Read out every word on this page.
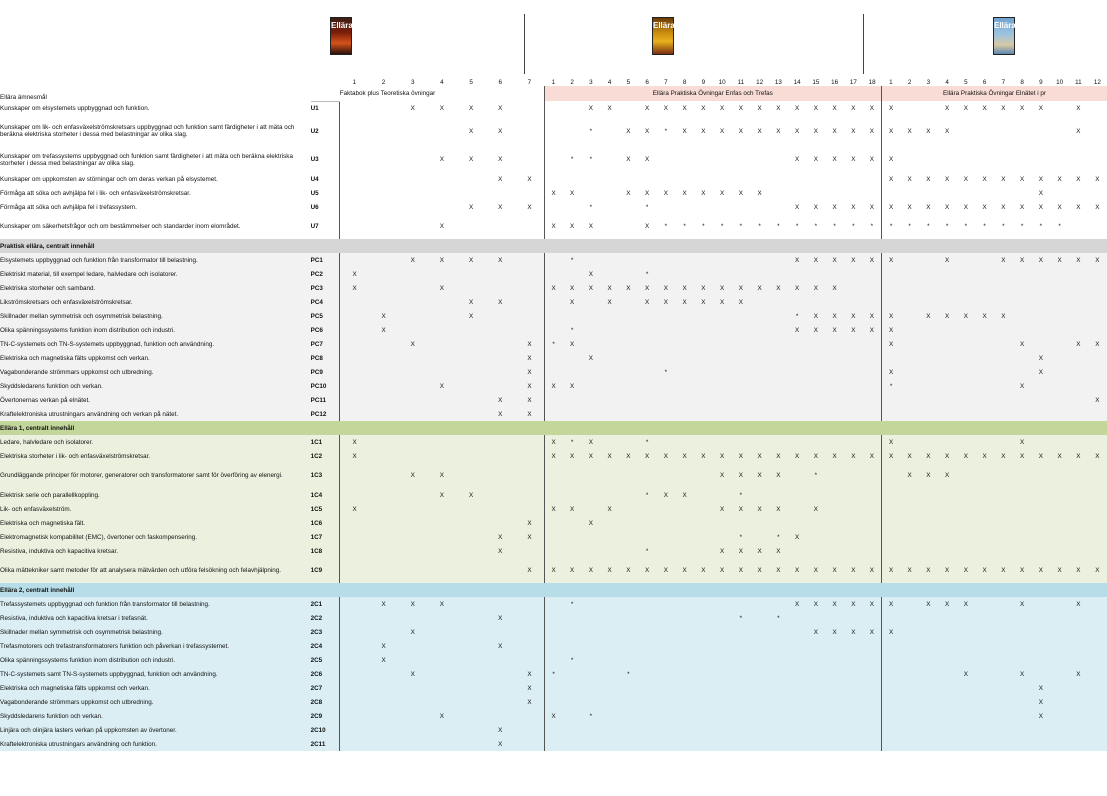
Ellära	Ellära	Ellära

		1	2	3	4	5	6	7		1	2	3	4	5	6	7	8	9	10	11	12	13	14	15	16	17	18	1	2	3	4	5	6	7	8	9	10	11	12
Ellära ämnesmål		Faktabok plus Teoretiska övningar							Ellära Praktiska Övningar Enfas och Trefas																		Ellära Praktiska Övningar Elnätet i pr											
Kunskaper om elsystemets uppbyggnad och funktion.	U1			X	X	X	X					X	X		X	X	X	X	X	X	X	X	X	X	X	X	X	X			X	X	X	X	X	X		X	
Kunskaper om lik- och enfasväxelströmskretsars uppbyggnad och funktion samt färdigheter i att mäta och beräkna elektriska storheter i dessa med belastningar av olika slag.	U2					X	X					*		X	X	*	X	X	X	X	X	X	X	X	X	X	X	X	X	X	X							X	
Kunskaper om trefassystems uppbyggnad och funktion samt färdigheter i att mäta och beräkna elektriska storheter i dessa med belastningar av olika slag.	U3				X	X	X				*	*		X	X								X	X	X	X	X	X											
Kunskaper om uppkomsten av störningar och om deras verkan på elsystemet.	U4						X	X																				X	X	X	X	X	X	X	X	X	X	X	X
Förmåga att söka och avhjälpa fel i lik- och enfasväxelströmskretsar.	U5									X	X			X	X	X	X	X	X	X	X															X			
Förmåga att söka och avhjälpa fel i trefassystem.	U6					X	X	X				*			*								X	X	X	X	X	X	X	X	X	X	X	X	X	X	X	X	X
Kunskaper om säkerhetsfrågor och om bestämmelser och standarder inom elområdet.	U7				X					X	X	X			X	*	*	*	*	*	*	*	*	*	*	*	*	*	*	*	*	*	*	*	*	*	*		
Praktisk ellära, centralt innehåll																																						
Elsystemets uppbyggnad och funktion från transformator till belastning.	PC1			X	X	X	X				*												X	X	X	X	X	X			X			X	X	X	X	X	X
Elektriskt material, till exempel ledare, halvledare och isolatorer.	PC2	X										X			*																								
Elektriska storheter och samband.	PC3	X			X					X	X	X	X	X	X	X	X	X	X	X	X	X	X	X	X														
Likströmskretsars och enfasväxelströmskretsar.	PC4					X	X				X		X		X	X	X	X	X	X																			
Skillnader mellan symmetrisk och osymmetrisk belastning.	PC5		X			X																	*	X	X	X	X	X		X	X	X	X	X					
Olika spänningssystems funktion inom distribution och industri.	PC6		X								*												X	X	X	X	X	X											
TN-C-systemets och TN-S-systemets uppbyggnad, funktion och användning.	PC7			X				X		*	X																	X							X			X	X
Elektriska och magnetiska fälts uppkomst och verkan.	PC8							X				X																								X			
Vagabonderande strömmars uppkomst och utbredning.	PC9							X								*												X								X			
Skyddsledarens funktion och verkan.	PC10				X			X		X	X																	*							X				
Övertonernas verkan på elnätet.	PC11						X	X																															X
Kraftelektroniska utrustningars användning och verkan på nätet.	PC12						X	X																															
Ellära 1, centralt innehåll																																						
Ledare, halvledare och isolatorer.	1C1	X								X	*	X			*													X							X				
Elektriska storheter i lik- och enfasväxelströmskretsar.	1C2	X								X	X	X	X	X	X	X	X	X	X	X	X	X	X	X	X	X	X	X	X	X	X	X	X	X	X	X	X	X	X
Grundläggande principer för motorer, generatorer och transformatorer samt för överföring av elenergi.	1C3			X	X														X	X	X	X		*					X	X	X								
Elektrisk serie och parallellkoppling.	1C4				X	X									*	X	X			*																			
Lik- och enfasväxelström.	1C5	X								X	X		X						X	X	X	X		X															
Elektriska och magnetiska fält.	1C6							X				X																											
Elektromagnetisk kompabilitet (EMC), övertoner och faskompensering.	1C7						X	X												*		*	X																
Resistiva, induktiva och kapacitiva kretsar.	1C8						X								*				X	X	X	X																	
Olika mättekniker samt metoder för att analysera mätvärden och utföra felsökning och felavhjälpning.	1C9							X		X	X	X	X	X	X	X	X	X	X	X	X	X	X	X	X	X	X	X	X	X	X	X	X	X	X	X	X	X	X
Ellära 2, centralt innehåll																																						
Trefassystemets uppbyggnad och funktion från transformator till belastning.	2C1		X	X	X						*												X	X	X	X	X	X		X	X	X			X			X	
Resistiva, induktiva och kapacitiva kretsar i trefasnät.	2C2						X													*		*																	
Skillnader mellan symmetrisk och osymmetrisk belastning.	2C3			X																				X	X	X	X	X											
Trefasmotorers och trefastransformatorers funktion och påverkan i trefassystemet.	2C4		X				X																																
Olika spänningssystems funktion inom distribution och industri.	2C5		X								*																												
TN-C-systemets samt TN-S-systemets uppbyggnad, funktion och användning.	2C6			X				X		*				*																		X			X			X	
Elektriska och magnetiska fälts uppkomst och verkan.	2C7							X																												X			
Vagabonderande strömmars uppkomst och utbredning.	2C8							X																												X			
Skyddsledarens funktion och verkan.	2C9				X					X		*																								X			
Linjära och olinjära lasters verkan på uppkomsten av övertoner.	2C10						X																																
Kraftelektroniska utrustningars användning och funktion.	2C11						X																																
